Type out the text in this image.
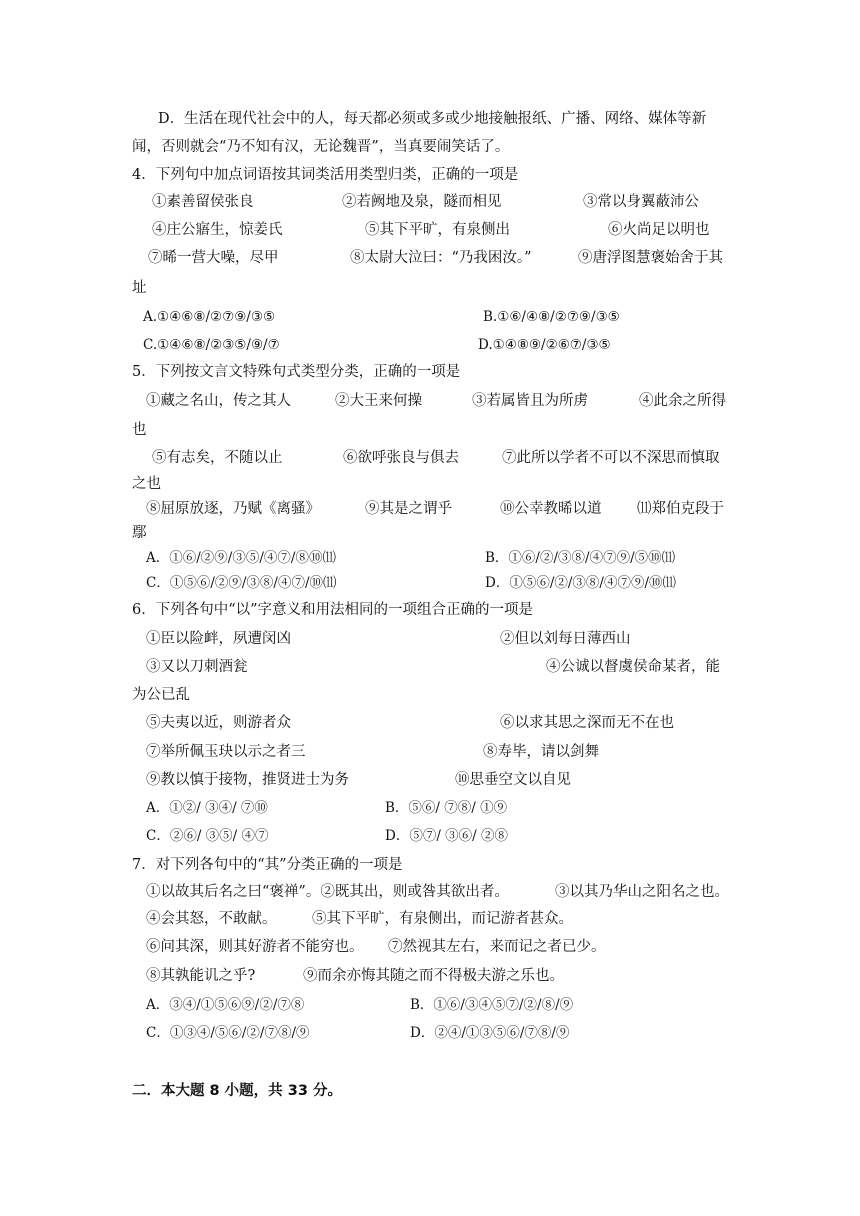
D．生活在现代社会中的人，每天都必须或多或少地接触报纸、广播、网络、媒体等新
闻，否则就会“乃不知有汉，无论魏晋”，当真要闹笑话了。
4．下列句中加点词语按其词类活用类型归类，正确的一项是
①素善留侯张良	②若阙地及泉，隧而相见	③常以身翼蔽沛公
④庄公寤生，惊姜氏	⑤其下平旷，有泉侧出	⑥火尚足以明也
⑦晞一营大噪，尽甲	⑧太尉大泣曰：“乃我困汝。”	⑨唐浮图慧褒始舍于其
址
A.①④⑥⑧/②⑦⑨/③⑤	B.①⑥/④⑧/②⑦⑨/③⑤
C.①④⑥⑧/②③⑤/⑨/⑦	D.①④⑧⑨/②⑥⑦/③⑤
5．下列按文言文特殊句式类型分类，正确的一项是
①藏之名山，传之其人	②大王来何操	③若属皆且为所虏	④此余之所得
也
⑤有志矣，不随以止	⑥欲呼张良与俱去	⑦此所以学者不可以不深思而慎取
之也
⑧屈原放逐，乃赋《离骚》	⑨其是之谓乎	⑩公幸教晞以道 ⑾郑伯克段于
鄢
A．①⑥/②⑨/③⑤/④⑦/⑧⑩⑾	B．①⑥/②/③⑧/④⑦⑨/⑤⑩⑾
C．①⑤⑥/②⑨/③⑧/④⑦/⑩⑾	D．①⑤⑥/②/③⑧/④⑦⑨/⑩⑾
6．下列各句中“以”字意义和用法相同的一项组合正确的一项是
①臣以险衅，夙遭闵凶	②但以刘每日薄西山
③又以刀刺酒瓮	④公诚以督虞侯命某者，能
为公已乱
⑤夫夷以近，则游者众	⑥以求其思之深而无不在也
⑦举所佩玉玦以示之者三	⑧寿毕，请以剑舞
⑨教以慎于接物，推贤进士为务	⑩思垂空文以自见
A．①②/ ③④/ ⑦⑩	B．⑤⑥/ ⑦⑧/ ①⑨
C．②⑥/ ③⑤/ ④⑦	D．⑤⑦/ ③⑥/ ②⑧
7．对下列各句中的“其”分类正确的一项是
①以故其后名之曰“褒禅”。②既其出，则或咎其欲出者。	③以其乃华山之阳名之也。
④会其怒，不敢献。 ⑤其下平旷，有泉侧出，而记游者甚众。
⑥问其深，则其好游者不能穷也。 ⑦然视其左右，来而记之者已少。
⑧其孰能讥之乎?	⑨而余亦悔其随之而不得极夫游之乐也。
A．③④/①⑤⑥⑨/②/⑦⑧	B．①⑥/③④⑤⑦/②/⑧/⑨
C．①③④/⑤⑥/②/⑦⑧/⑨	D．②④/①③⑤⑥/⑦⑧/⑨
二．本大题 8 小题，共 33 分。
